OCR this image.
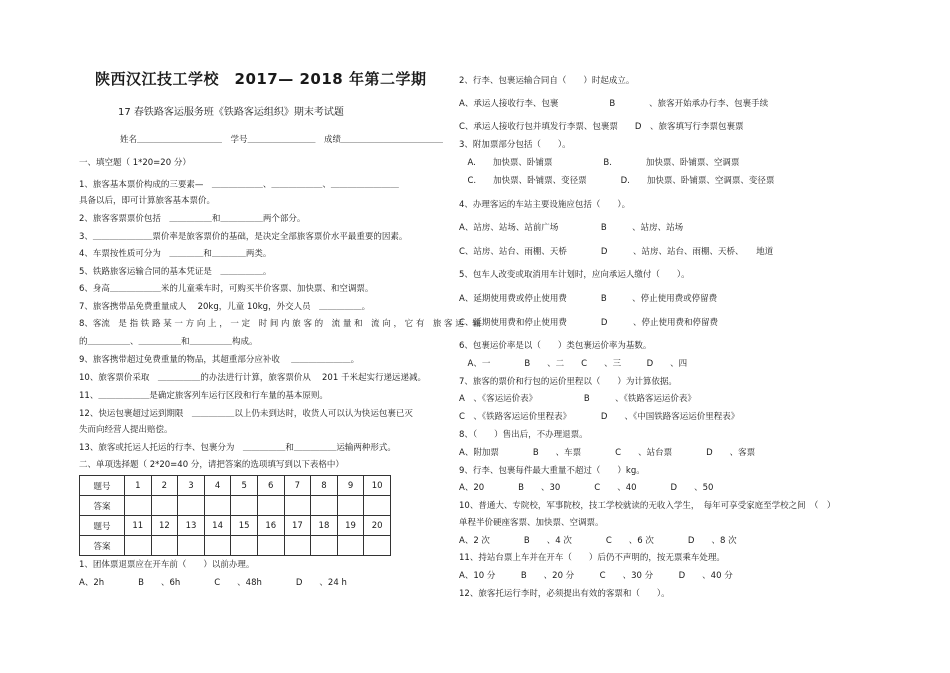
陕西汉江技工学校　2017— 2018 年第二学期
17 春铁路客运服务班《铁路客运组织》期末考试题
姓名＿＿＿＿＿＿＿＿＿＿　学号＿＿＿＿＿＿＿＿　成绩＿＿＿＿＿＿＿＿＿＿＿＿
一、填空题（ 1*20=20 分）
1、旅客基本票价构成的三要素—　＿＿＿＿＿＿、＿＿＿＿＿＿、＿＿＿＿＿＿＿＿
具备以后，即可计算旅客基本票价。
2、旅客客票票价包括　＿＿＿＿＿和＿＿＿＿＿两个部分。
3、＿＿＿＿＿＿＿票价率是旅客票价的基础，是决定全部旅客票价水平最重要的因素。
4、车票按性质可分为　＿＿＿＿和＿＿＿＿两类。
5、铁路旅客运输合同的基本凭证是　＿＿＿＿＿。
6、身高＿＿＿＿＿＿米的儿童乘车时，可购买半价客票、加快票、和空调票。
7、旅客携带品免费重量成人　 20kg，儿童 10kg，外交人员　＿＿＿＿＿。
8、客流　是 指 铁 路 某 一 方 向 上 ， 一 定　时 间 内 旅 客 的　流 量 和　流 向 ， 它 有　旅 客 运　输
的＿＿＿＿＿、＿＿＿＿＿和＿＿＿＿＿构成。
9、旅客携带超过免费重量的物品，其超重部分应补收　 ＿＿＿＿＿＿＿。
10、旅客票价采取　＿＿＿＿＿的办法进行计算，旅客票价从　 201 千米起实行递远递减。
11、＿＿＿＿＿＿是确定旅客列车运行区段和行车量的基本原则。
12、快运包裹超过运到期限　＿＿＿＿＿以上仍未到达时，收货人可以认为快运包裹已灭
失而向经营人提出赔偿。
13、旅客或托运人托运的行李、包裹分为　＿＿＿＿＿和＿＿＿＿＿运输两种形式。
二、单项选择题（ 2*20=40 分，请把答案的选项填写到以下表格中）
题号	1	2	3	4	5	6	7	8	9	10
答案										
题号	11	12	13	14	15	16	17	18	19	20
答案										
1、团体票退票应在开车前（　　）以前办理。
A、2h　　　　B　　、6h　　　　C　　、48h　　　　D　　、24 h
2、行李、包裹运输合同自（　　）时起成立。
A、承运人接收行李、包裹　　　　　　B　　　　、旅客开始承办行李、包裹手续
C、承运人接收行包并填发行李票、包裹票　　D　、旅客填写行李票包裹票
3、附加票部分包括（　　）。
　A.　　加快票、卧铺票　　　　　　B.　　　　加快票、卧铺票、空调票
　C.　　加快票、卧铺票、变径票　　　　D.　　加快票、卧铺票、空调票、变径票
4、办理客运的车站主要设施应包括（　　）。
A、站房、站场、站前广场　　　　　B　　　、站房、站场
C、站房、站台、雨棚、天桥　　　　D　　　、站房、站台、雨棚、天桥、　　地道
5、包车人改变或取消用车计划时，应向承运人缴付（　　）。
A、延期使用费或停止使用费　　　　B　　　、停止使用费或停留费
C、延期使用费和停止使用费　　　　D　　　、停止使用费和停留费
6、包裹运价率是以（　　）类包裹运价率为基数。
　A、一　　　　B　　、二　　C　　、三　　　D　　、四
7、旅客的票价和行包的运价里程以（　　）为计算依据。
A　、《客运运价表》　　　　　　B　　　、《铁路客运运价表》
C　、《铁路客运运价里程表》　　　　D　　、《中国铁路客运运价里程表》
8、（　　）售出后，不办理退票。
A、附加票　　　　B　　、车票　　　　C　　、站台票　　　　D　　、客票
9、行李、包裹每件最大重量不超过（　　）kg。
A、20　　　　B　　、30　　　　C　　、40　　　　D　　、50
10、普通大、专院校，军事院校，技工学校就读的无收入学生，　每年可享受家庭至学校之间　（　）
单程半价硬座客票、加快票、空调票。
A、2 次　　　　B　　、4 次　　　　C　　、6 次　　　　D　　、8 次
11、持站台票上车并在开车（　　）后仍不声明的，按无票乘车处理。
A、10 分　　　B　　、20 分　　　C　　、30 分　　　D　　、40 分
12、旅客托运行李时，必须提出有效的客票和（　　）。
